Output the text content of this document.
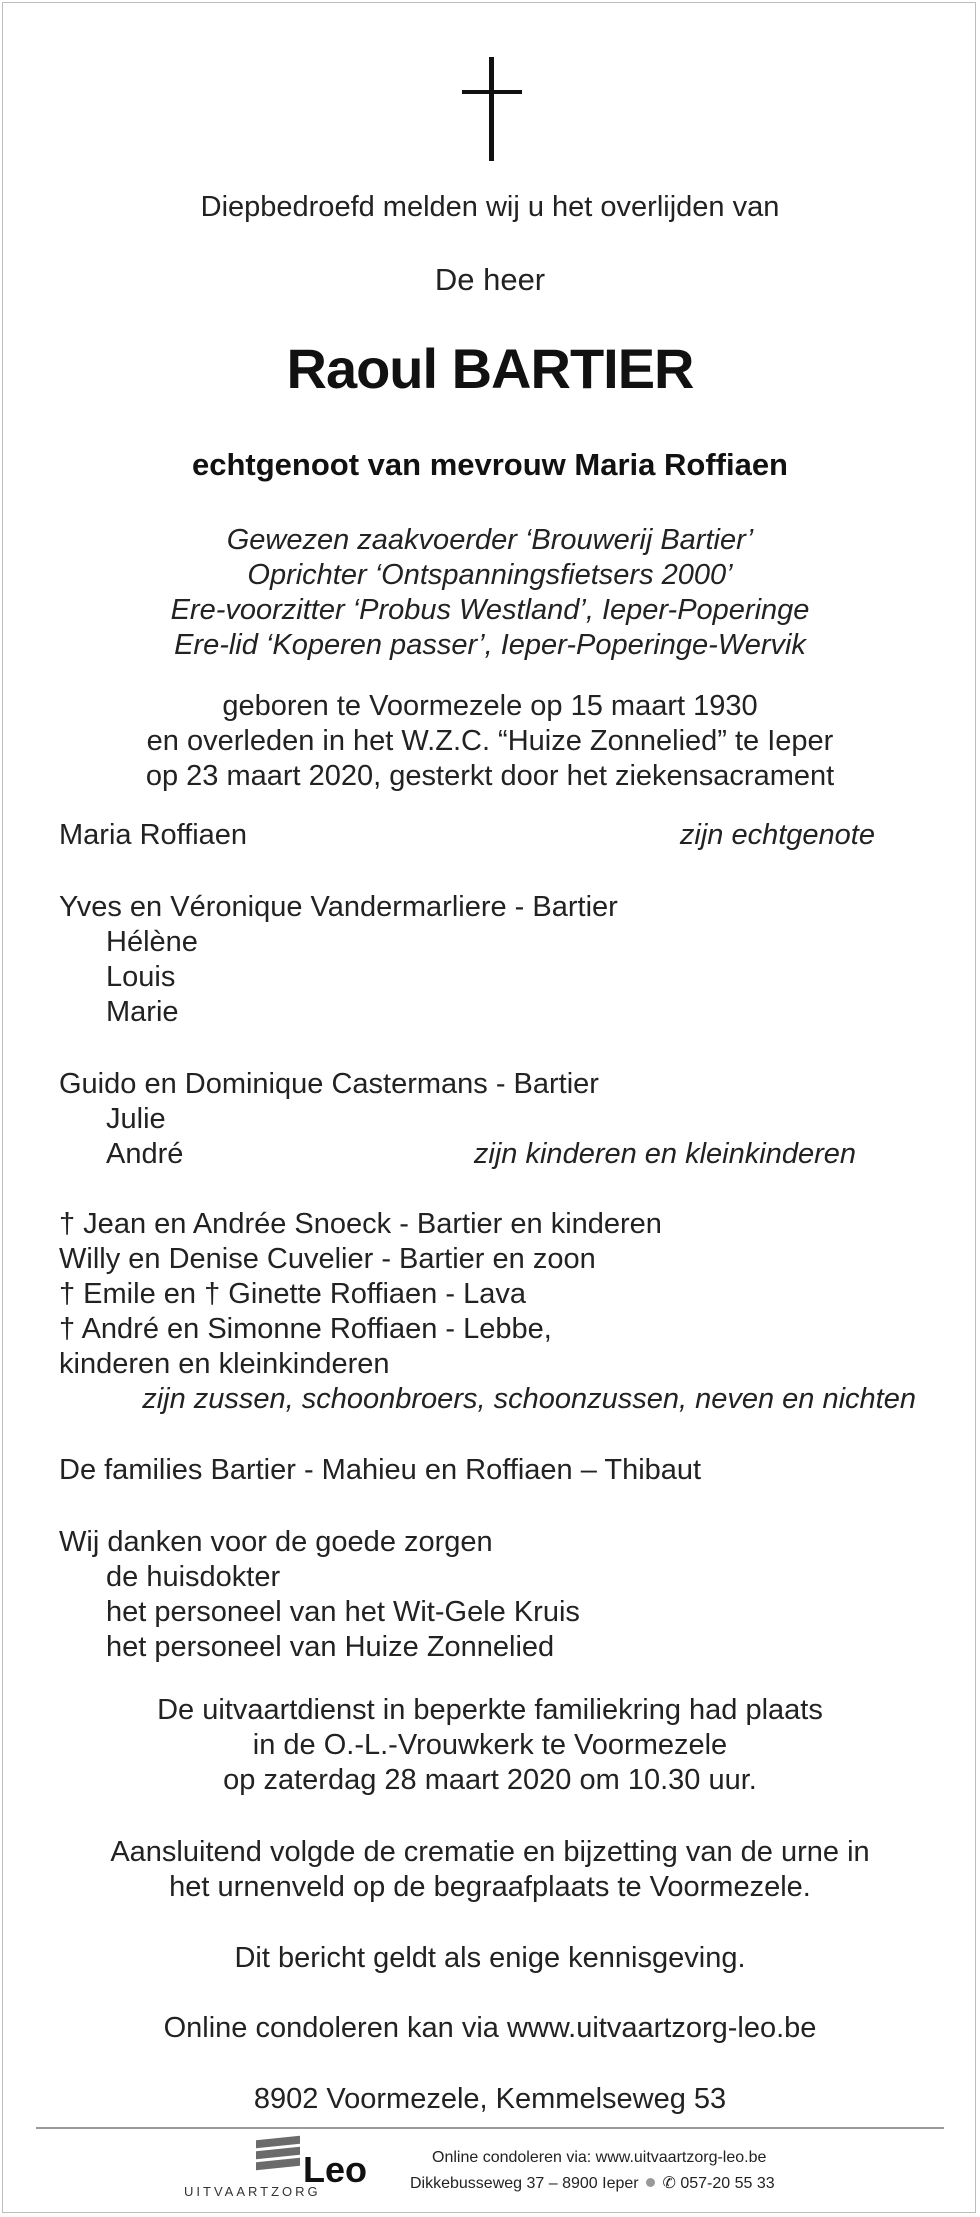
Diepbedroefd melden wij u het overlijden van
De heer
Raoul BARTIER
echtgenoot van mevrouw Maria Roffiaen
Gewezen zaakvoerder ‘Brouwerij Bartier’
Oprichter ‘Ontspanningsfietsers 2000’
Ere-voorzitter ‘Probus Westland’, Ieper-Poperinge
Ere-lid ‘Koperen passer’, Ieper-Poperinge-Wervik
geboren te Voormezele op 15 maart 1930
en overleden in het W.Z.C. “Huize Zonnelied” te Ieper
op 23 maart 2020, gesterkt door het ziekensacrament
Maria Roffiaen	zijn echtgenote
Yves en Véronique Vandermarliere - Bartier
Hélène
Louis
Marie
Guido en Dominique Castermans - Bartier
Julie
André	zijn kinderen en kleinkinderen
† Jean en Andrée Snoeck - Bartier en kinderen
Willy en Denise Cuvelier - Bartier en zoon
† Emile en † Ginette Roffiaen - Lava
† André en Simonne Roffiaen - Lebbe,
kinderen en kleinkinderen
zijn zussen, schoonbroers, schoonzussen, neven en nichten
De families Bartier - Mahieu en Roffiaen – Thibaut
Wij danken voor de goede zorgen
de huisdokter
het personeel van het Wit-Gele Kruis
het personeel van Huize Zonnelied
De uitvaartdienst in beperkte familiekring had plaats
in de O.-L.-Vrouwkerk te Voormezele
op zaterdag 28 maart 2020 om 10.30 uur.
Aansluitend volgde de crematie en bijzetting van de urne in
het urnenveld op de begraafplaats te Voormezele.
Dit bericht geldt als enige kennisgeving.
Online condoleren kan via www.uitvaartzorg-leo.be
8902 Voormezele, Kemmelseweg 53
UITVAARTZORG
Leo	Online condoleren via: www.uitvaartzorg-leo.be
Dikkebusseweg 37 – 8900 Ieper ✆ 057-20 55 33
